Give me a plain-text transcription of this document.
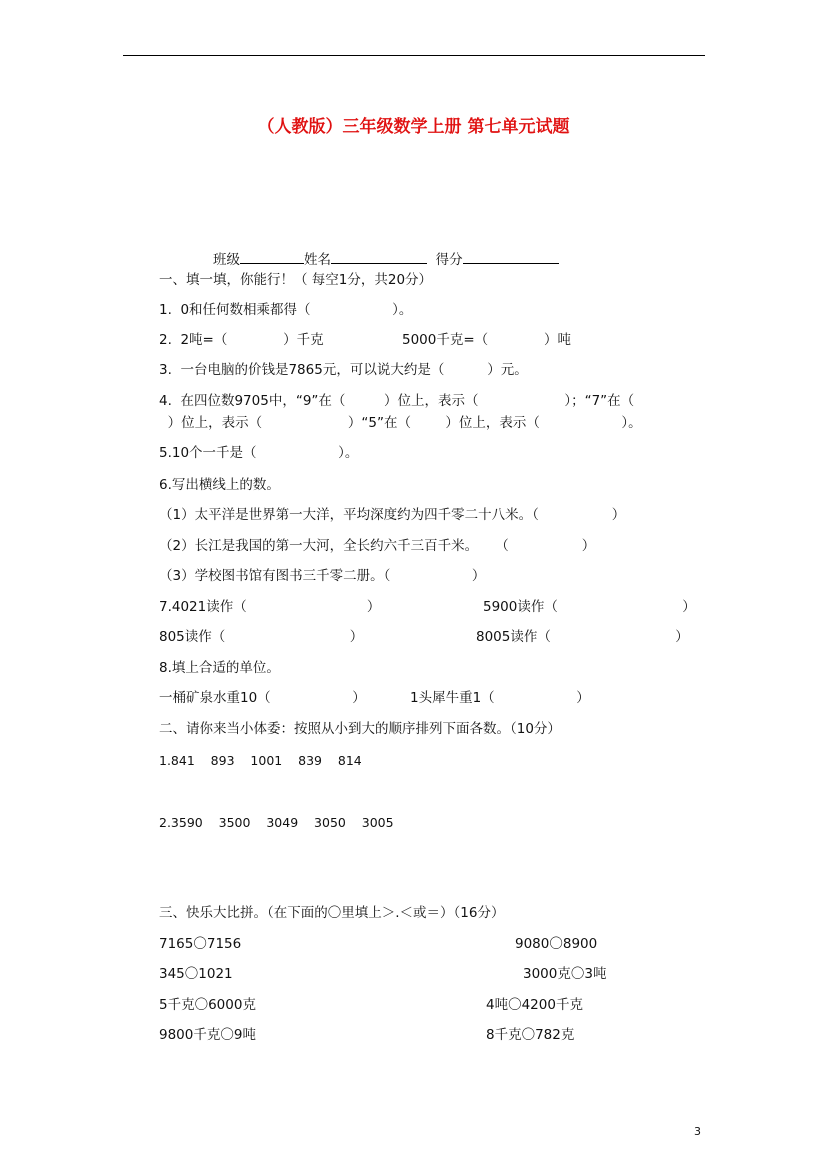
（人教版）三年级数学上册 第七单元试题
班级	姓名	得分
一、填一填，你能行！（ 每空1分，共20分）
1.  0和任何数相乘都得（                   ）。
2.  2吨=（             ）千克	5000千克=（             ）吨
3.  一台电脑的价钱是7865元，可以说大约是（          ）元。
4.  在四位数9705中，“9”在（         ）位上，表示（                    ）；“7”在（
）位上，表示（                    ）“5”在（        ）位上，表示（                   ）。
5.10个一千是（                   ）。
6.写出横线上的数。
（1）太平洋是世界第一大洋，平均深度约为四千零二十八米。（                 ）
（2）长江是我国的第一大河，全长约六千三百千米。    （                 ）
（3）学校图书馆有图书三千零二册。（                   ）
7.4021读作（                            ）	5900读作（                             ）
805读作（                             ）	8005读作（                             ）
8.填上合适的单位。
一桶矿泉水重10（                   ）	1头犀牛重1（                   ）
二、请你来当小体委：按照从小到大的顺序排列下面各数。（10分）
1.841    893    1001    839    814
2.3590    3500    3049    3050    3005
三、快乐大比拼。（在下面的〇里填上＞.＜或＝）（16分）
7165〇7156	9080〇8900
345〇1021	3000克〇3吨
5千克〇6000克	4吨〇4200千克
9800千克〇9吨	8千克〇782克
3
